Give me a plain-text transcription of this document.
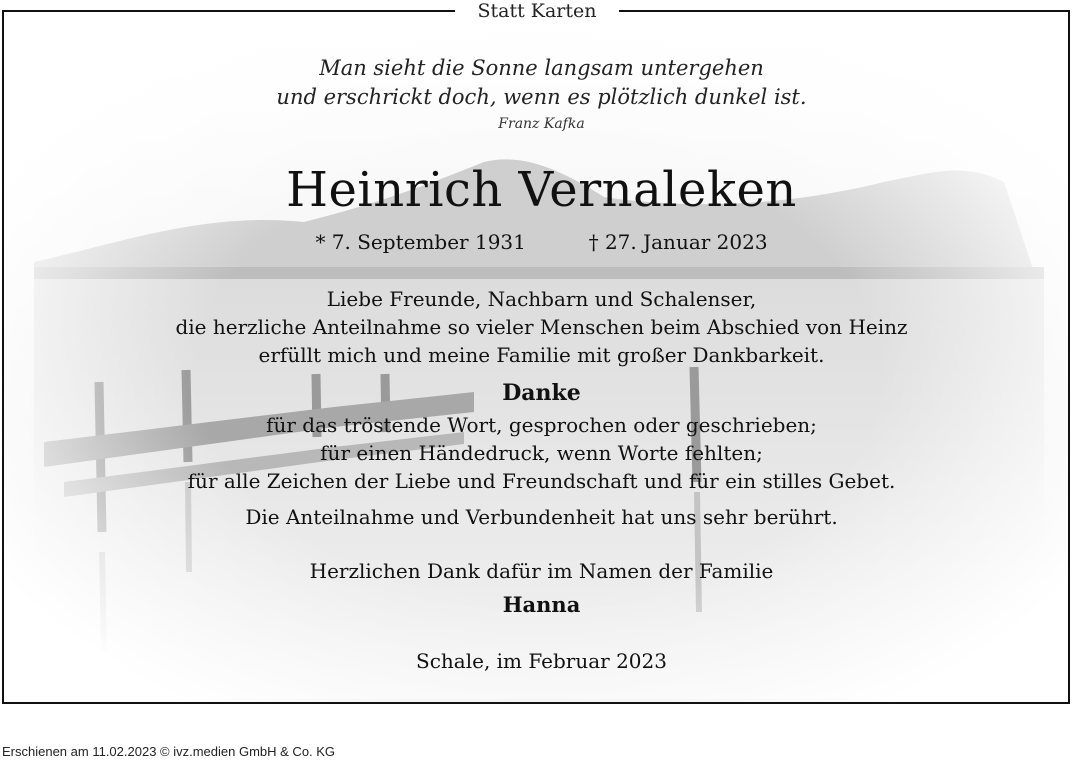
Man sieht die Sonne langsam untergehen
und erschrickt doch, wenn es plötzlich dunkel ist.
Franz Kafka
Heinrich Vernaleken
* 7. September 1931	† 27. Januar 2023
Liebe Freunde, Nachbarn und Schalenser,
die herzliche Anteilnahme so vieler Menschen beim Abschied von Heinz
erfüllt mich und meine Familie mit großer Dankbarkeit.
Danke
für das tröstende Wort, gesprochen oder geschrieben;
für einen Händedruck, wenn Worte fehlten;
für alle Zeichen der Liebe und Freundschaft und für ein stilles Gebet.
Die Anteilnahme und Verbundenheit hat uns sehr berührt.
Herzlichen Dank dafür im Namen der Familie
Hanna
Schale, im Februar 2023
Statt Karten
Erschienen am 11.02.2023 © ivz.medien GmbH & Co. KG
